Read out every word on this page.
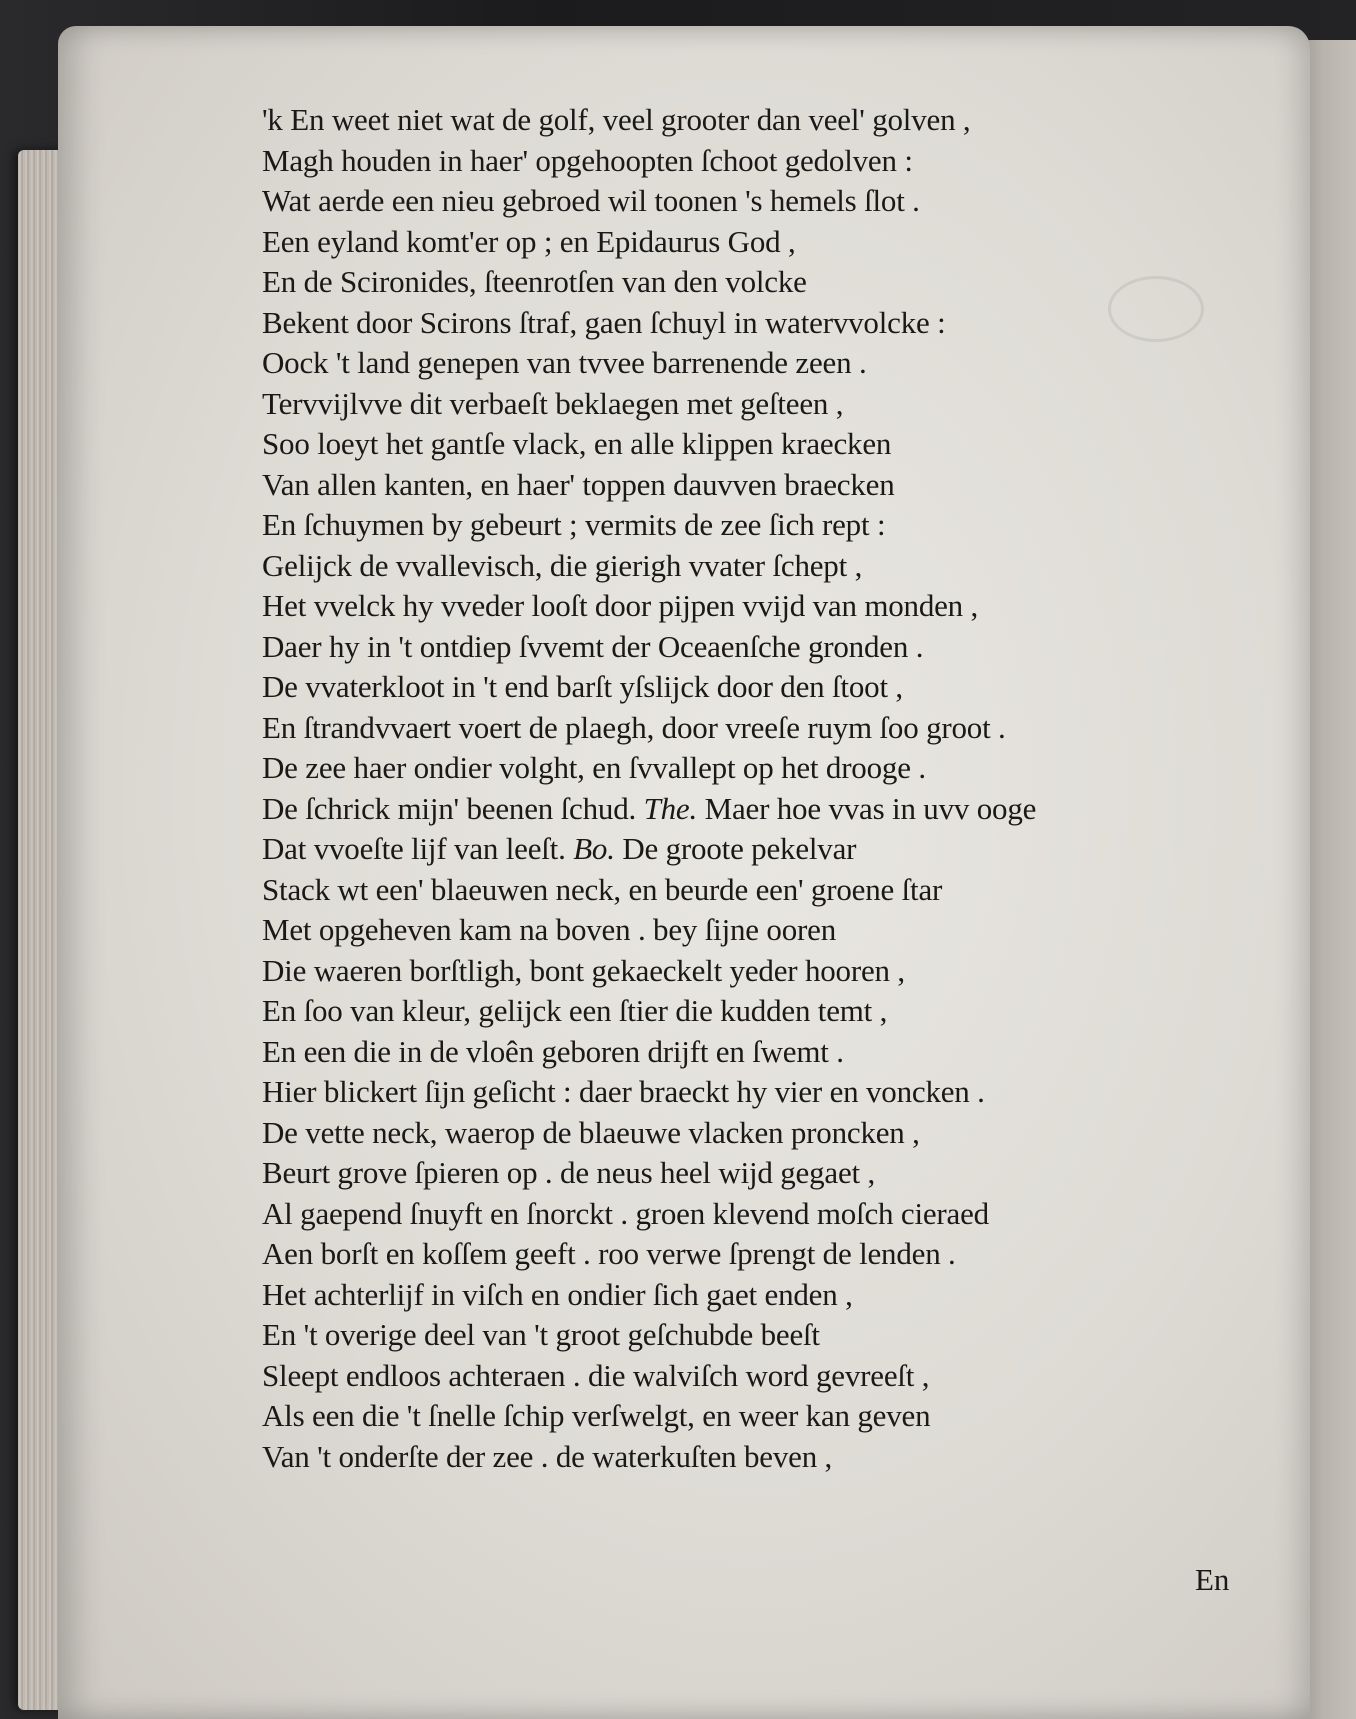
'k En weet niet wat de golf, veel grooter dan veel' golven ,
Magh houden in haer' opgehoopten ſchoot gedolven :
Wat aerde een nieu gebroed wil toonen 's hemels ſlot .
Een eyland komt'er op ; en Epidaurus God ,
En de Scironides, ſteenrotſen van den volcke
Bekent door Scirons ſtraf, gaen ſchuyl in watervvolcke :
Oock 't land genepen van tvvee barrenende zeen .
Tervvijlvve dit verbaeſt beklaegen met geſteen ,
Soo loeyt het gantſe vlack, en alle klippen kraecken
Van allen kanten, en haer' toppen dauvven braecken
En ſchuymen by gebeurt ; vermits de zee ſich rept :
Gelijck de vvallevisch, die gierigh vvater ſchept ,
Het vvelck hy vveder looſt door pijpen vvijd van monden ,
Daer hy in 't ontdiep ſvvemt der Oceaenſche gronden .
De vvaterkloot in 't end barſt yſslijck door den ſtoot ,
En ſtrandvvaert voert de plaegh, door vreeſe ruym ſoo groot .
De zee haer ondier volght, en ſvvallept op het drooge .
De ſchrick mijn' beenen ſchud. The. Maer hoe vvas in uvv ooge
Dat vvoeſte lijf van leeſt. Bo. De groote pekelvar
Stack wt een' blaeuwen neck, en beurde een' groene ſtar
Met opgeheven kam na boven . bey ſijne ooren
Die waeren borſtligh, bont gekaeckelt yeder hooren ,
En ſoo van kleur, gelijck een ſtier die kudden temt ,
En een die in de vloên geboren drijft en ſwemt .
Hier blickert ſijn geſicht : daer braeckt hy vier en voncken .
De vette neck, waerop de blaeuwe vlacken proncken ,
Beurt grove ſpieren op . de neus heel wijd gegaet ,
Al gaepend ſnuyft en ſnorckt . groen klevend moſch cieraed
Aen borſt en koſſem geeft . roo verwe ſprengt de lenden .
Het achterlijf in viſch en ondier ſich gaet enden ,
En 't overige deel van 't groot geſchubde beeſt
Sleept endloos achteraen . die walviſch word gevreeſt ,
Als een die 't ſnelle ſchip verſwelgt, en weer kan geven
Van 't onderſte der zee . de waterkuſten beven ,

En
